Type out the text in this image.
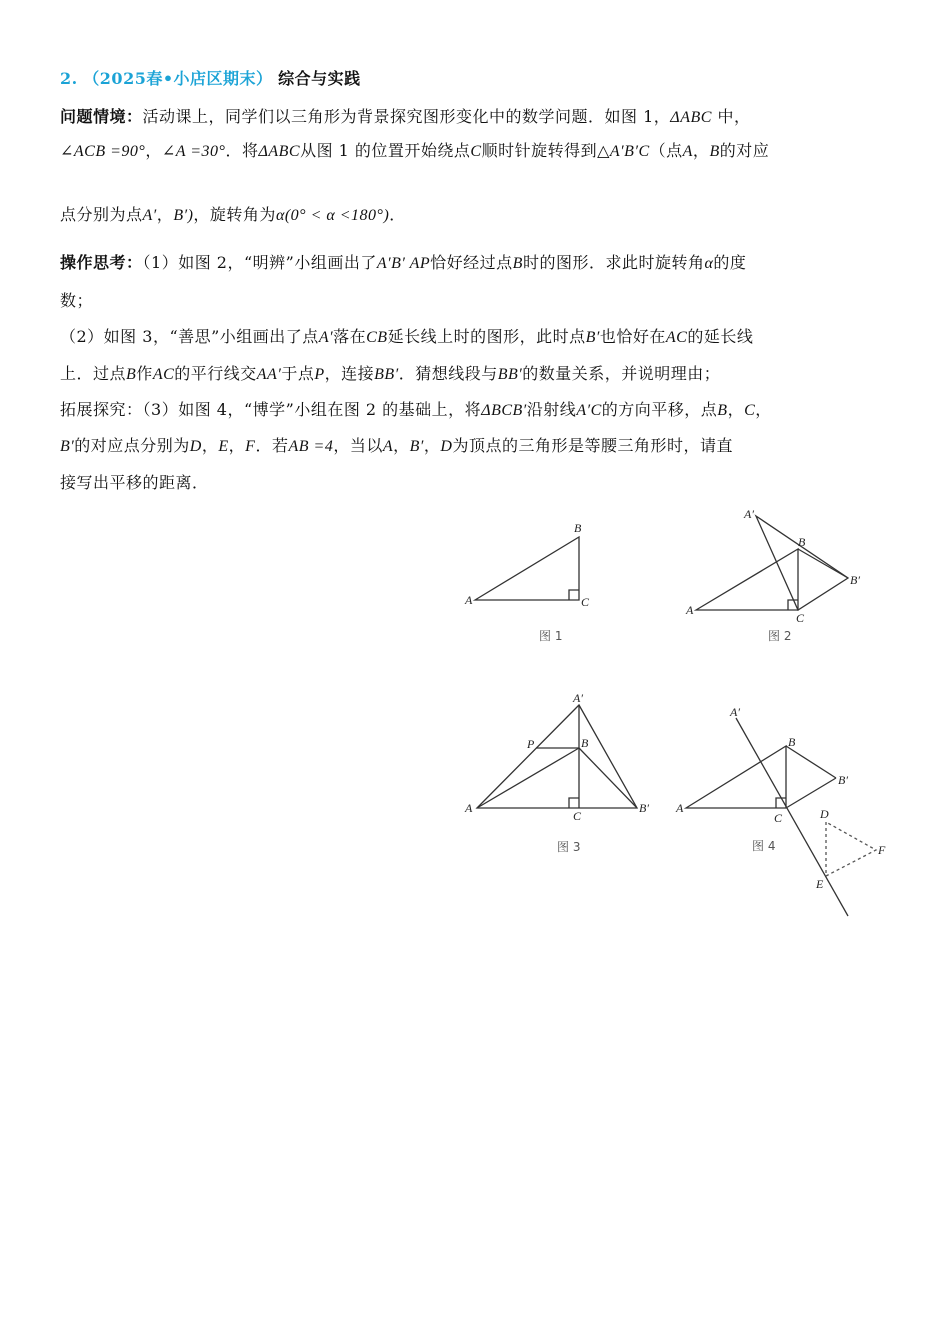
2. （2025春•小店区期末） 综合与实践
问题情境：活动课上，同学们以三角形为背景探究图形变化中的数学问题．如图 1，ΔABC 中，
∠ACB =90°，∠A =30°．将ΔABC从图 1 的位置开始绕点C顺时针旋转得到△A′B′C（点A，B的对应
点分别为点A′，B′)，旋转角为α(0° < α <180°)．
操作思考：（1）如图 2，“明辨”小组画出了A′B′ AP恰好经过点B时的图形．求此时旋转角α的度
数；
（2）如图 3，“善思”小组画出了点A′落在CB延长线上时的图形，此时点B′也恰好在AC的延长线
上．过点B作AC的平行线交AA′于点P，连接BB′．猜想线段与BB′的数量关系，并说明理由；
拓展探究：（3）如图 4，“博学”小组在图 2 的基础上，将ΔBCB′沿射线A′C的方向平移，点B，C，
B′的对应点分别为D，E，F．若AB =4，当以A，B′，D为顶点的三角形是等腰三角形时，请直
接写出平移的距离．
A
B
C
图 1
A
B
C
A′
B′
图 2
A
B
C
A′
B′
P
图 3
A
B
C
A′
B′
D
E
F
图 4
